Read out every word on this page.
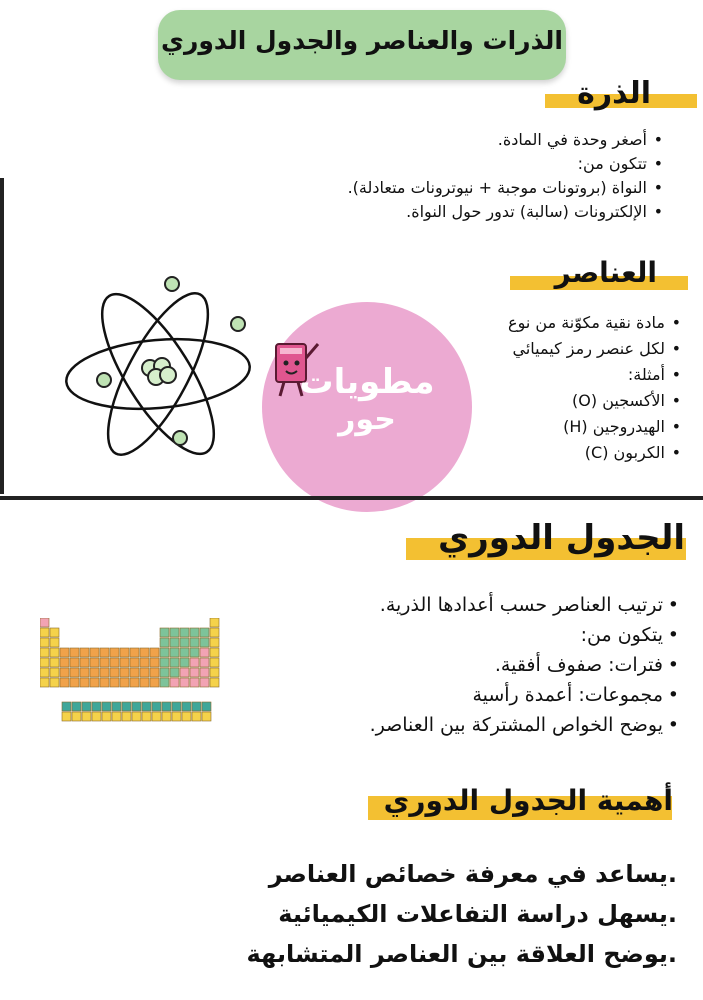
الذرات والعناصر والجدول الدوري
الذرة
• أصغر وحدة في المادة.
• تتكون من:
• النواة (بروتونات موجبة + نيوترونات متعادلة).
• الإلكترونات (سالبة) تدور حول النواة.
العناصر
• مادة نقية مكوّنة من نوع
• لكل عنصر رمز كيميائي
• أمثلة:
• الأكسجين (O)
• الهيدروجين (H)
• الكربون (C)
مطويات
حور
الجدول الدوري
• ترتيب العناصر حسب أعدادها الذرية.
• يتكون من:
• فترات: صفوف أفقية.
• مجموعات: أعمدة رأسية
• يوضح الخواص المشتركة بين العناصر.
أهمية الجدول الدوري
.يساعد في معرفة خصائص العناصر
.يسهل دراسة التفاعلات الكيميائية
.يوضح العلاقة بين العناصر المتشابهة
